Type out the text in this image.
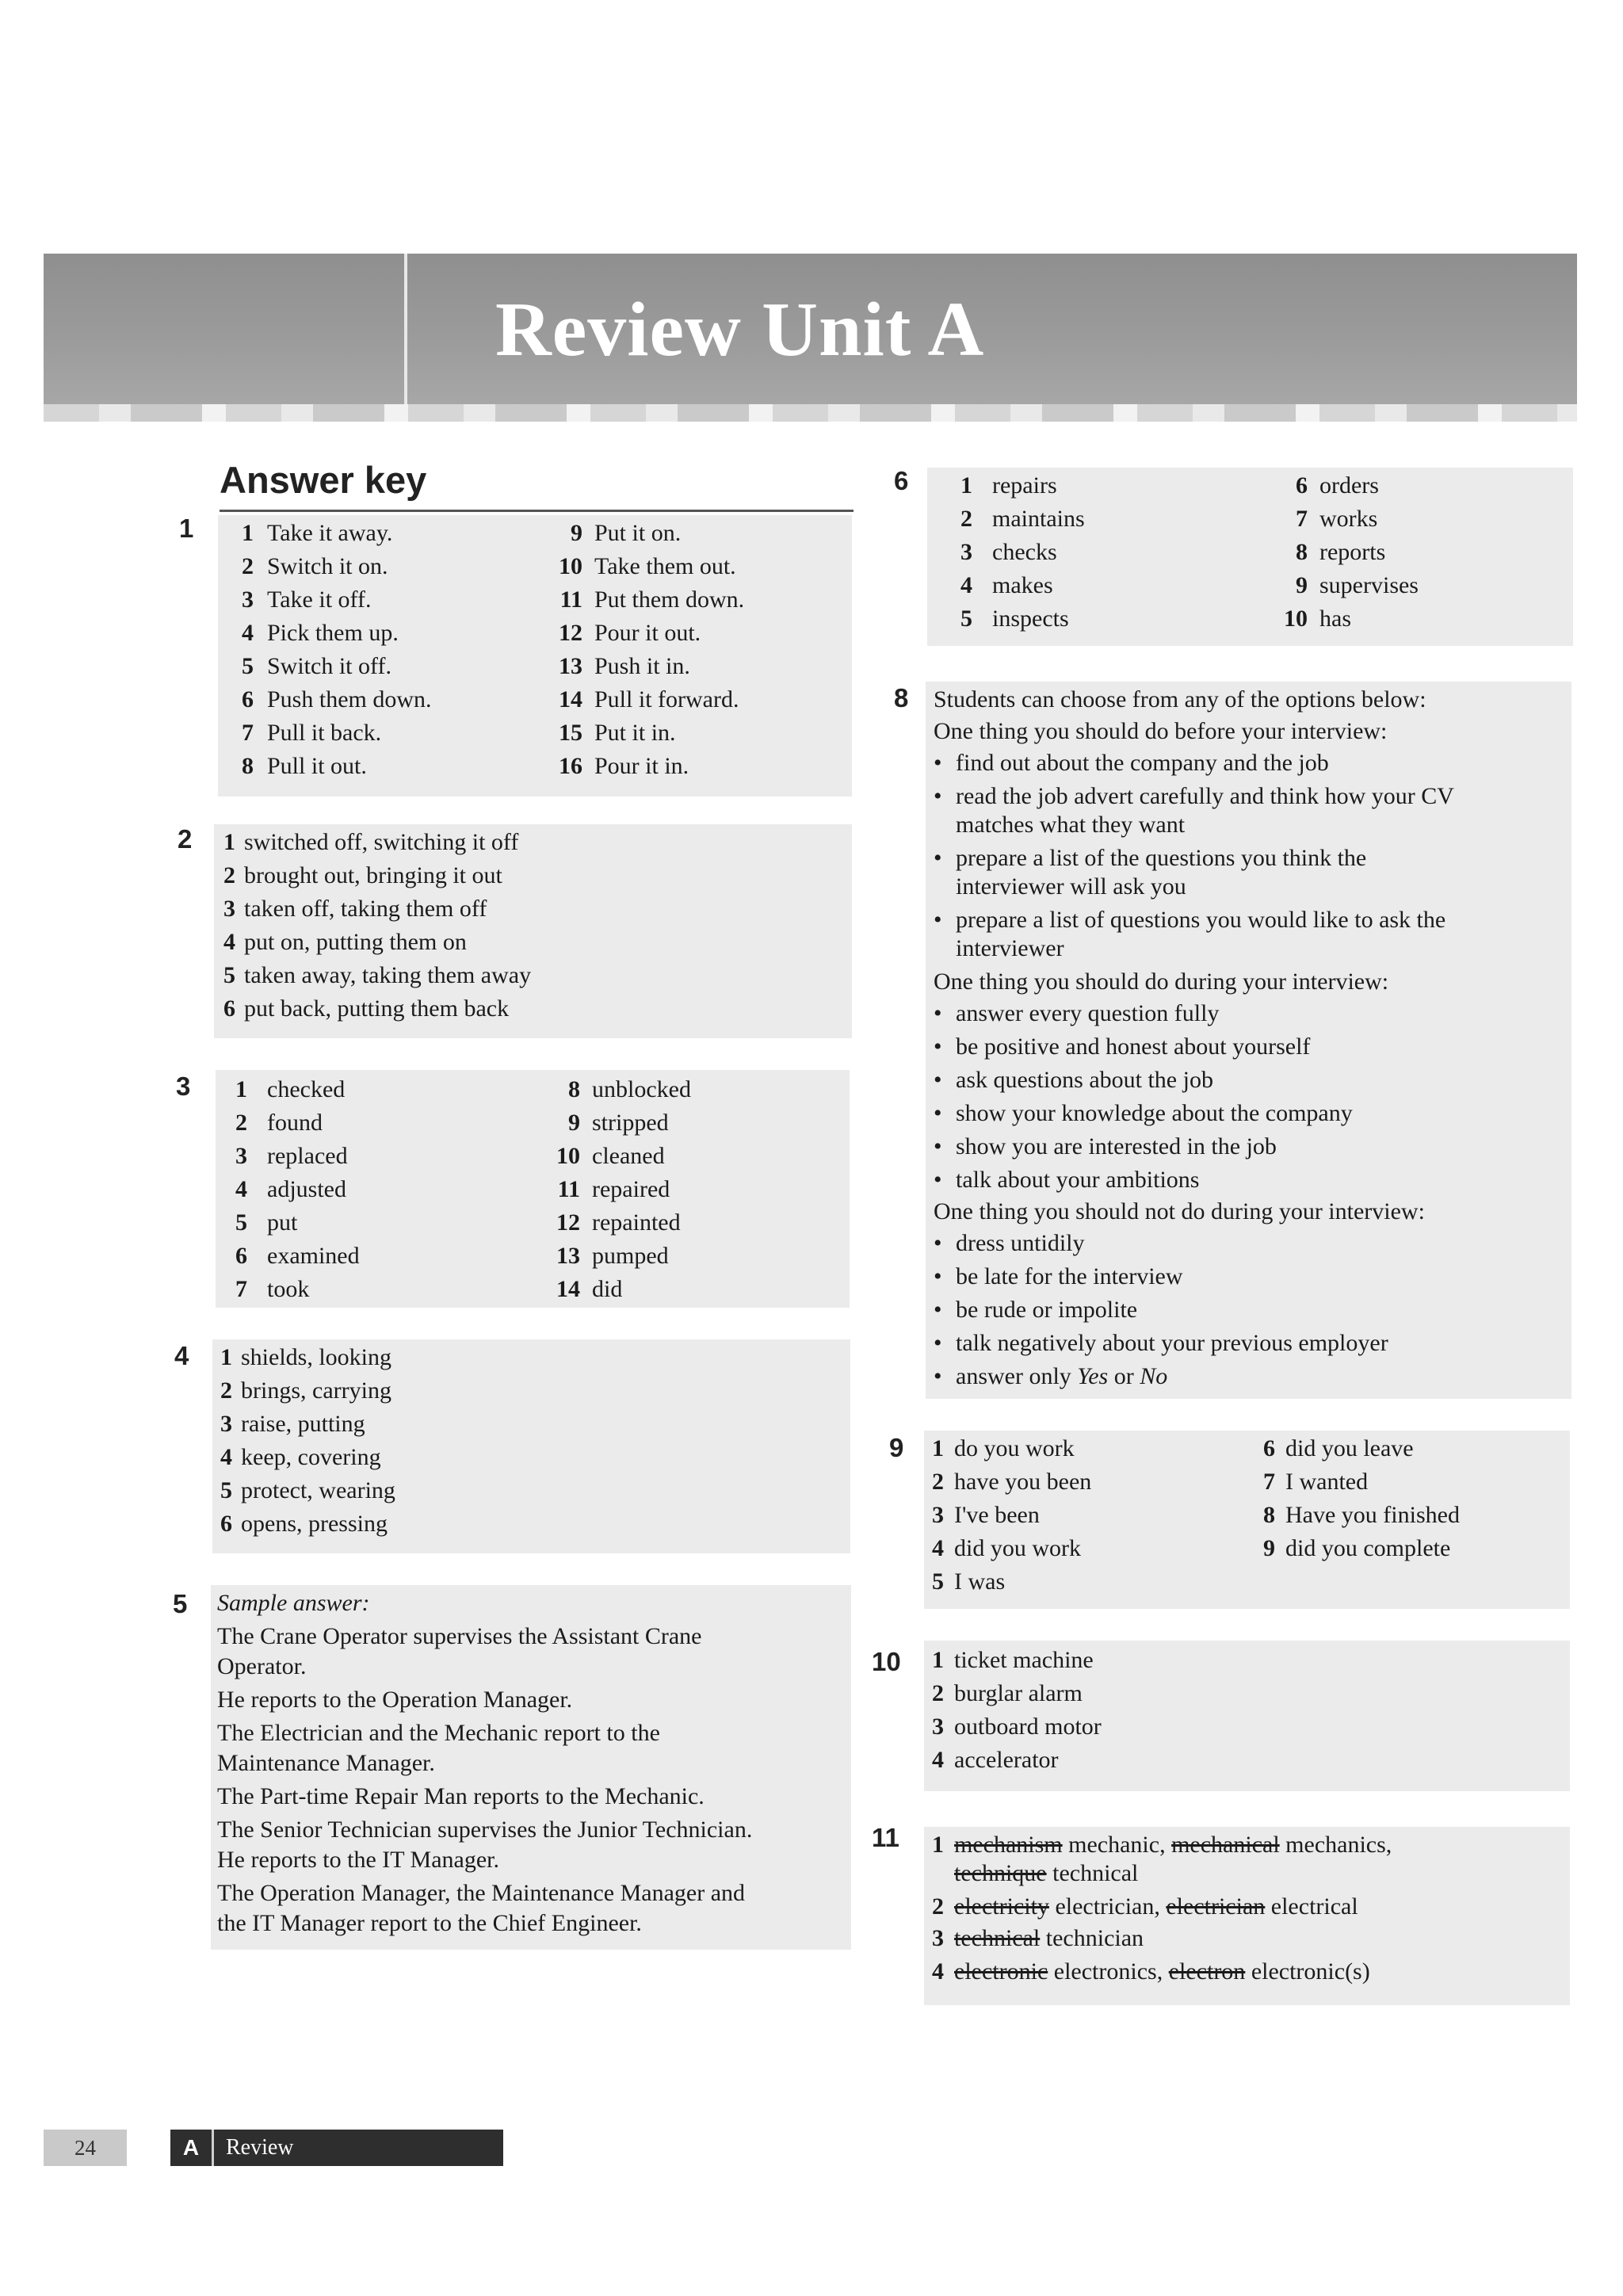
Review Unit A
Answer key
1 1 Take it away.
2 Switch it on.
3 Take it off.
4 Pick them up.
5 Switch it off.
6 Push them down.
7 Pull it back.
8 Pull it out.
9 Put it on.
10 Take them out.
11 Put them down.
12 Pour it out.
13 Push it in.
14 Pull it forward.
15 Put it in.
16 Pour it in.
2 1 switched off, switching it off
2 brought out, bringing it out
3 taken off, taking them off
4 put on, putting them on
5 taken away, taking them away
6 put back, putting them back
3 1 checked
2 found
3 replaced
4 adjusted
5 put
6 examined
7 took
8 unblocked
9 stripped
10 cleaned
11 repaired
12 repainted
13 pumped
14 did
4 1 shields, looking
2 brings, carrying
3 raise, putting
4 keep, covering
5 protect, wearing
6 opens, pressing
5 Sample answer:
The Crane Operator supervises the Assistant Crane
Operator.
He reports to the Operation Manager.
The Electrician and the Mechanic report to the
Maintenance Manager.
The Part-time Repair Man reports to the Mechanic.
The Senior Technician supervises the Junior Technician.
He reports to the IT Manager.
The Operation Manager, the Maintenance Manager and
the IT Manager report to the Chief Engineer.
6 1 repairs
2 maintains
3 checks
4 makes
5 inspects
6 orders
7 works
8 reports
9 supervises
10 has
8 Students can choose from any of the options below:
One thing you should do before your interview:
• find out about the company and the job
• read the job advert carefully and think how your CV
matches what they want
• prepare a list of the questions you think the
interviewer will ask you
• prepare a list of questions you would like to ask the
interviewer
One thing you should do during your interview:
• answer every question fully
• be positive and honest about yourself
• ask questions about the job
• show your knowledge about the company
• show you are interested in the job
• talk about your ambitions
One thing you should not do during your interview:
• dress untidily
• be late for the interview
• be rude or impolite
• talk negatively about your previous employer
• answer only Yes or No
9 1 do you work
2 have you been
3 I've been
4 did you work
5 I was
6 did you leave
7 I wanted
8 Have you finished
9 did you complete
10 1 ticket machine
2 burglar alarm
3 outboard motor
4 accelerator
11 1 mechanism mechanic, mechanical mechanics,
technique technical
2 electricity electrician, electrician electrical
3 technical technician
4 electronic electronics, electron electronic(s)
24	A	Review
